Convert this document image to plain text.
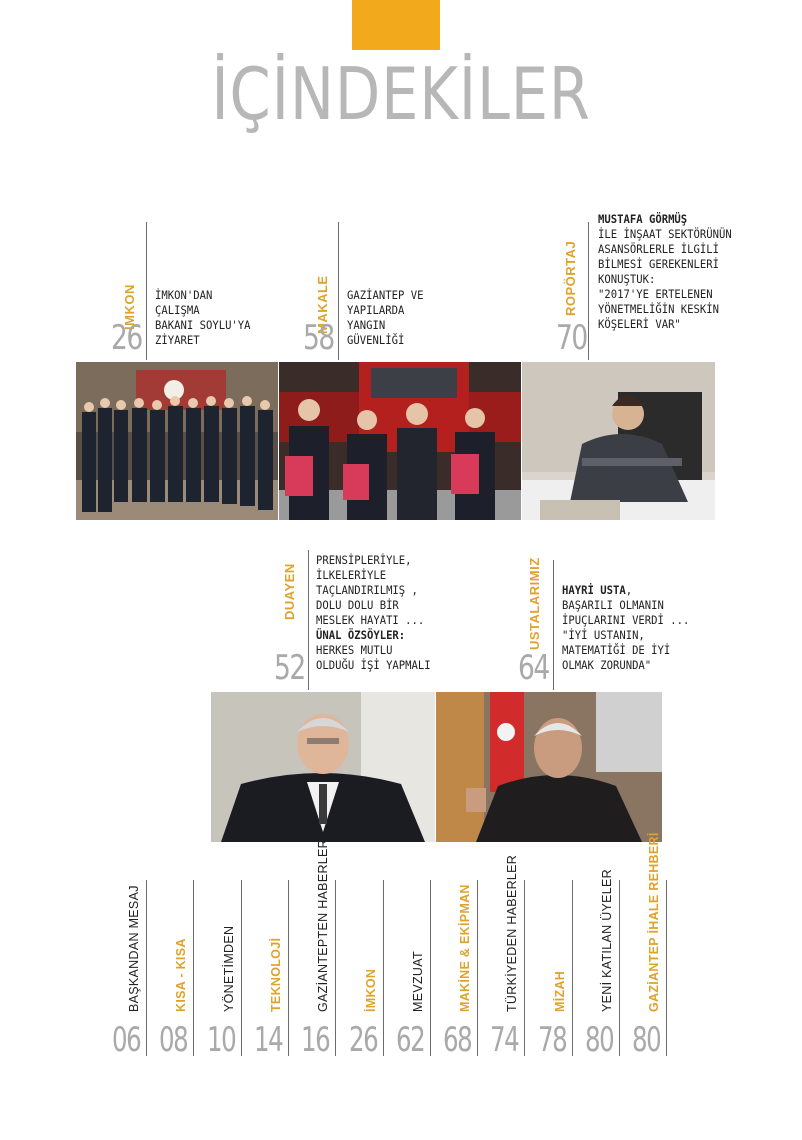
İÇİNDEKİLER
İMKON
26
İMKON'DAN
ÇALIŞMA
BAKANI SOYLU'YA
ZİYARET
MAKALE
58
GAZİANTEP VE
YAPILARDA
YANGIN
GÜVENLİĞİ
ROPÖRTAJ
70
MUSTAFA GÖRMÜŞ
İLE İNŞAAT SEKTÖRÜNÜN
ASANSÖRLERLE İLGİLİ
BİLMESİ GEREKENLERİ
KONUŞTUK:
"2017'YE ERTELENEN
YÖNETMELİĞİN KESKİN
KÖŞELERİ VAR"
DUAYEN
52
PRENSİPLERİYLE,
İLKELERİYLE
TAÇLANDIRILMIŞ ,
DOLU DOLU BİR
MESLEK HAYATI ...
ÜNAL ÖZSÖYLER:
HERKES MUTLU
OLDUĞU İŞİ YAPMALI
USTALARIMIZ
64
HAYRİ USTA,
BAŞARILI OLMANIN
İPUÇLARINI VERDİ ...
"İYİ USTANIN,
MATEMATİĞİ DE İYİ
OLMAK ZORUNDA"
06
BAŞKANDAN MESAJ
08
KISA - KISA
10
YÖNETİMDEN
14
TEKNOLOJİ
16
GAZİANTEPTEN HABERLER
26
İMKON
62
MEVZUAT
68
MAKİNE & EKİPMAN
74
TÜRKİYEDEN HABERLER
78
MİZAH
80
YENİ KATILAN ÜYELER
80
GAZİANTEP İHALE REHBERİ
